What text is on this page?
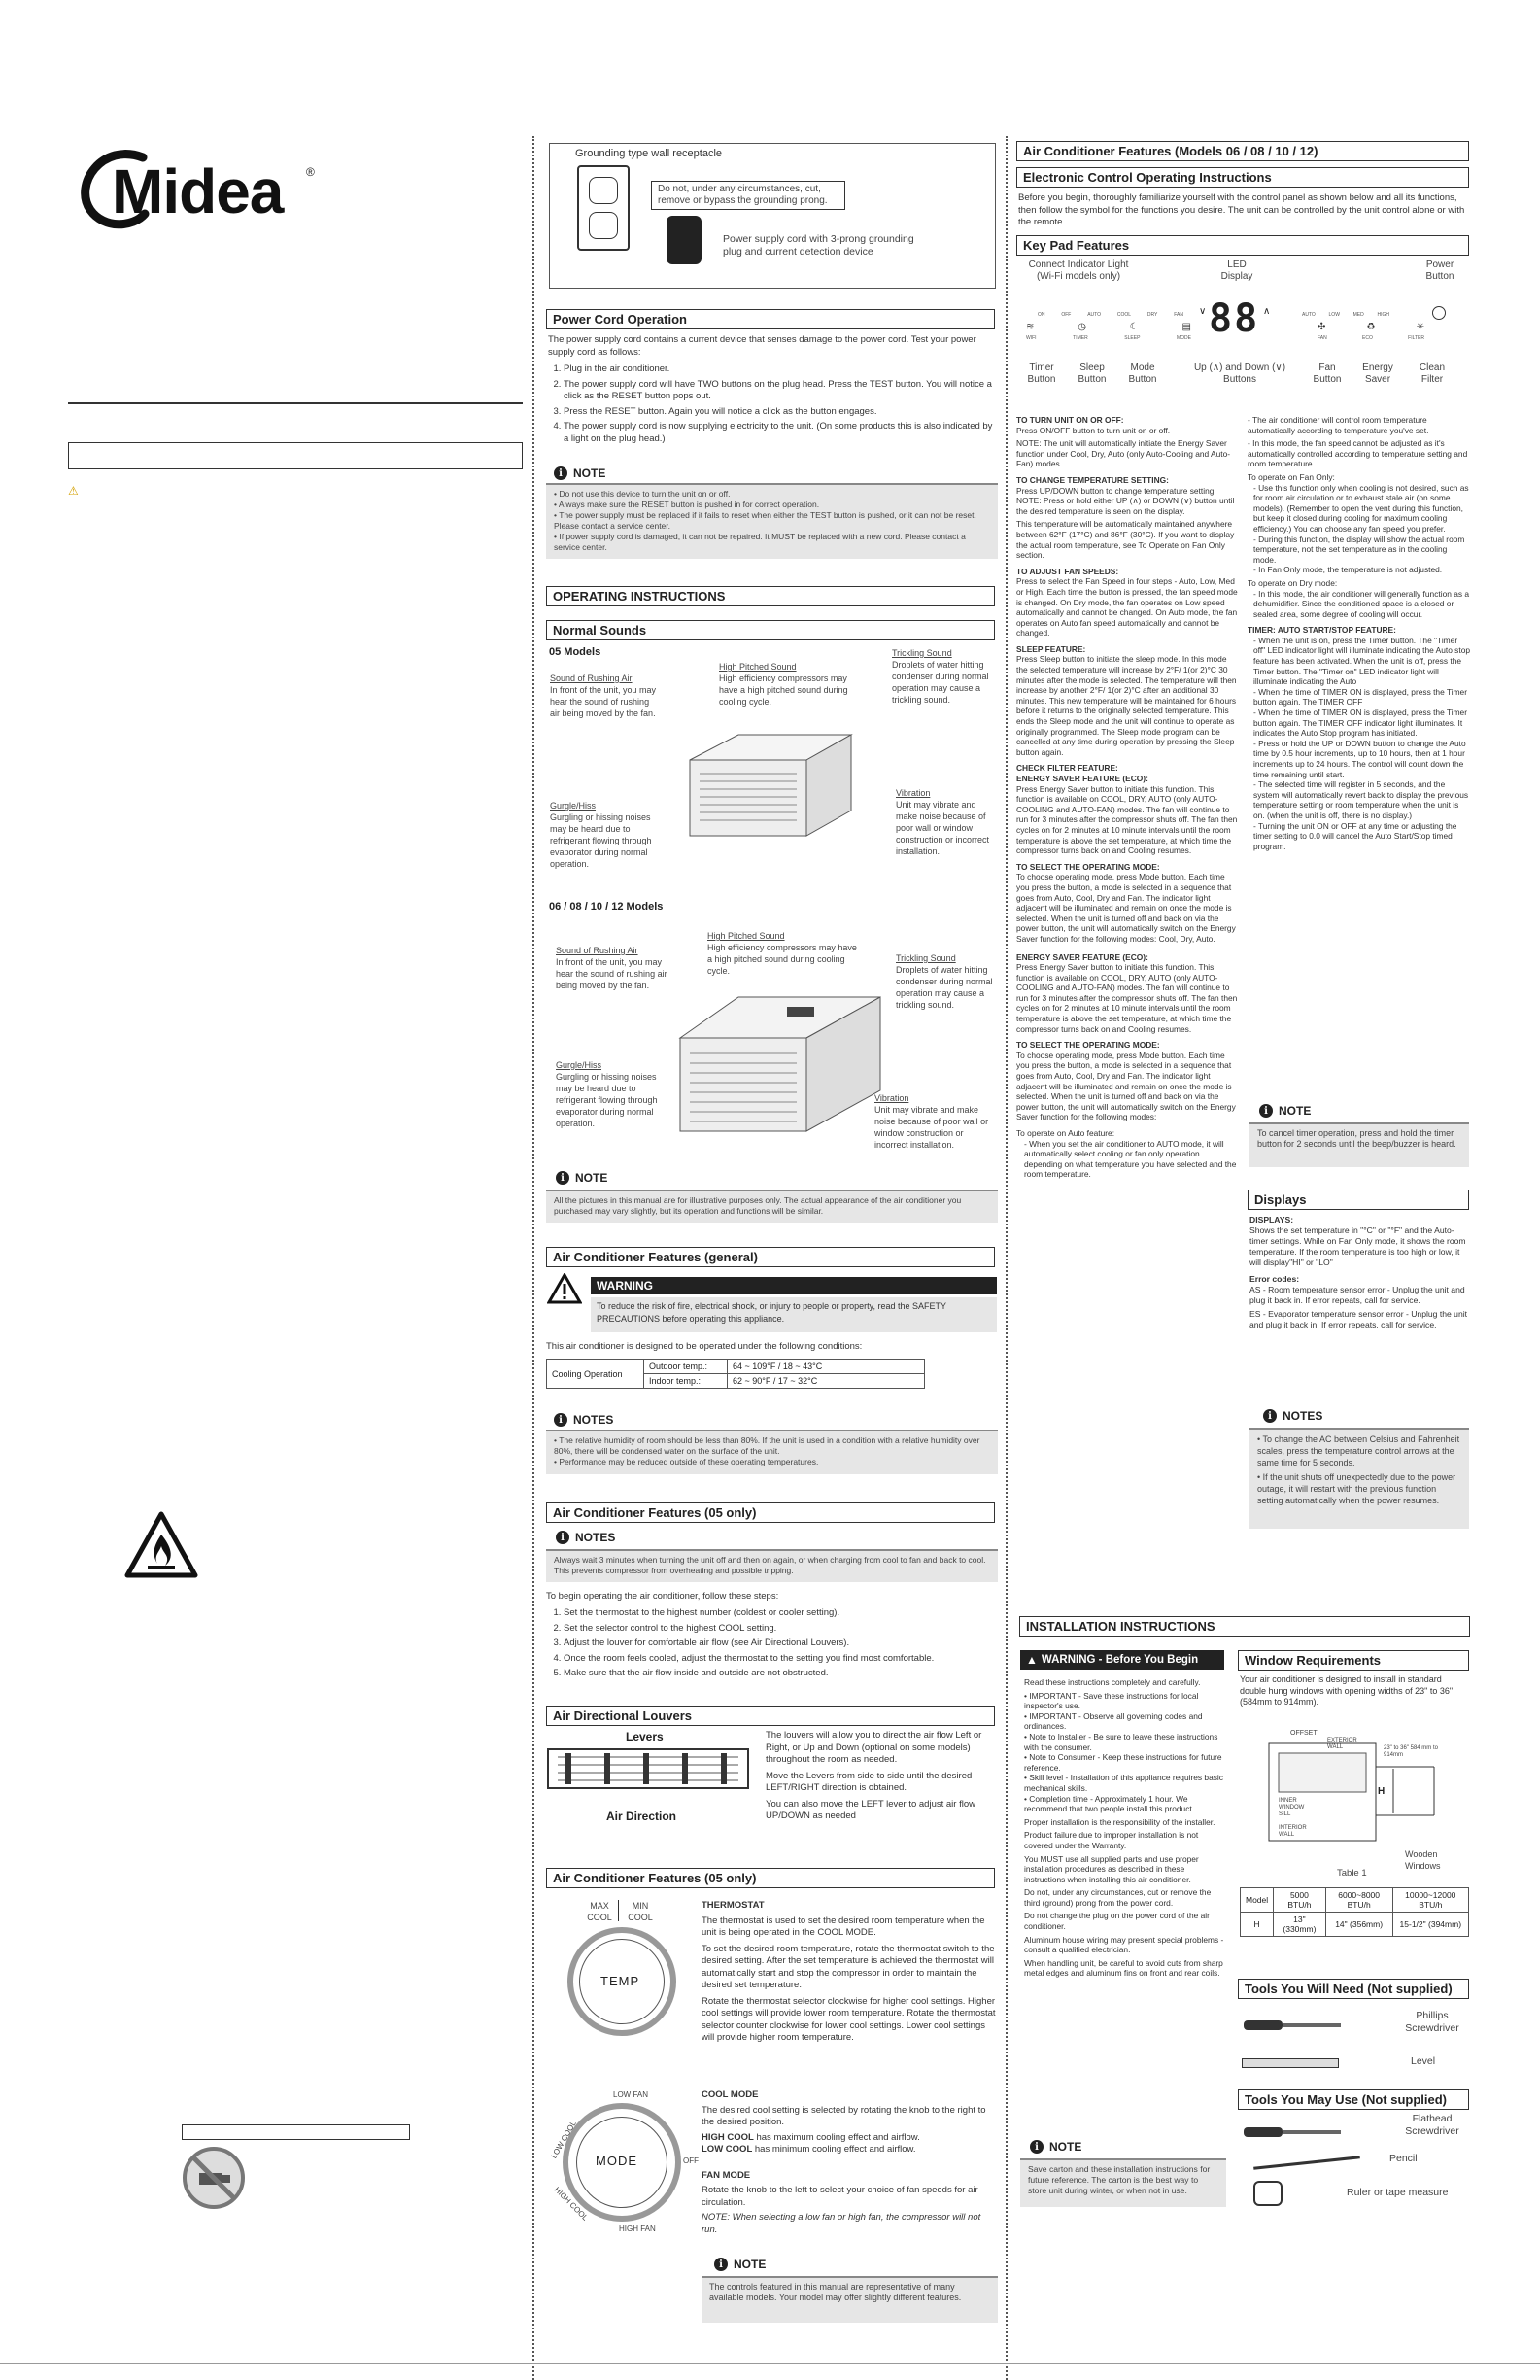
Midea ®
⚠
Grounding type wall receptacle
Do not, under any circumstances, cut, remove or bypass the grounding prong.
Power supply cord with 3-prong grounding plug and current detection device
Power Cord Operation
The power supply cord contains a current device that senses damage to the power cord. Test your power supply cord as follows:
1. Plug in the air conditioner.
2. The power supply cord will have TWO buttons on the plug head. Press the TEST button. You will notice a click as the RESET button pops out.
3. Press the RESET button. Again you will notice a click as the button engages.
4. The power supply cord is now supplying electricity to the unit. (On some products this is also indicated by a light on the plug head.)
i NOTE
• Do not use this device to turn the unit on or off.
• Always make sure the RESET button is pushed in for correct operation.
• The power supply must be replaced if it fails to reset when either the TEST button is pushed, or it can not be reset. Please contact a service center.
• If power supply cord is damaged, it can not be repaired. It MUST be replaced with a new cord. Please contact a service center.
OPERATING INSTRUCTIONS
Normal Sounds
05 Models
Sound of Rushing Air
In front of the unit, you may hear the sound of rushing air being moved by the fan.
High Pitched Sound
High efficiency compressors may have a high pitched sound during cooling cycle.
Trickling Sound
Droplets of water hitting condenser during normal operation may cause a trickling sound.
Gurgle/Hiss
Gurgling or hissing noises may be heard due to refrigerant flowing through evaporator during normal operation.
Vibration
Unit may vibrate and make noise because of poor wall or window construction or incorrect installation.
06 / 08 / 10 / 12 Models
Sound of Rushing Air
In front of the unit, you may hear the sound of rushing air being moved by the fan.
High Pitched Sound
High efficiency compressors may have a high pitched sound during cooling cycle.
Trickling Sound
Droplets of water hitting condenser during normal operation may cause a trickling sound.
Gurgle/Hiss
Gurgling or hissing noises may be heard due to refrigerant flowing through evaporator during normal operation.
Vibration
Unit may vibrate and make noise because of poor wall or window construction or incorrect installation.
i NOTE
All the pictures in this manual are for illustrative purposes only. The actual appearance of the air conditioner you purchased may vary slightly, but its operation and functions will be similar.
Air Conditioner Features (general)
WARNING
To reduce the risk of fire, electrical shock, or injury to people or property, read the SAFETY PRECAUTIONS before operating this appliance.
This air conditioner is designed to be operated under the following conditions:
Cooling Operation	Outdoor temp.:	64 ~ 109°F / 18 ~ 43°C
	Indoor temp.:	62 ~ 90°F / 17 ~ 32°C
i NOTES
• The relative humidity of room should be less than 80%. If the unit is used in a condition with a relative humidity over 80%, there will be condensed water on the surface of the unit.
• Performance may be reduced outside of these operating temperatures.
Air Conditioner Features (05 only)
i NOTES
Always wait 3 minutes when turning the unit off and then on again, or when charging from cool to fan and back to cool. This prevents compressor from overheating and possible tripping.
To begin operating the air conditioner, follow these steps:
1. Set the thermostat to the highest number (coldest or cooler setting).
2. Set the selector control to the highest COOL setting.
3. Adjust the louver for comfortable air flow (see Air Directional Louvers).
4. Once the room feels cooled, adjust the thermostat to the setting you find most comfortable.
5. Make sure that the air flow inside and outside are not obstructed.
Air Directional Louvers
Levers
Air Direction

The louvers will allow you to direct the air flow Left or Right, or Up and Down (optional on some models) throughout the room as needed.

Move the Levers from side to side until the desired LEFT/RIGHT direction is obtained.

You can also move the LEFT lever to adjust air flow UP/DOWN as needed

Air Conditioner Features (05 only)
MAX COOL
MIN COOL
TEMP

THERMOSTAT

The thermostat is used to set the desired room temperature when the unit is being operated in the COOL MODE.

To set the desired room temperature, rotate the thermostat switch to the desired setting. After the set temperature is achieved the thermostat will automatically start and stop the compressor in order to maintain the desired set temperature.

Rotate the thermostat selector clockwise for higher cool settings. Higher cool settings will provide lower room temperature. Rotate the thermostat selector counter clockwise for lower cool settings. Lower cool settings will provide higher room temperature.

MODE
LOW FAN
LOW COOL
OFF
HIGH COOL
HIGH FAN

COOL MODE

The desired cool setting is selected by rotating the knob to the right to the desired position.

HIGH COOL has maximum cooling effect and airflow.

LOW COOL has minimum cooling effect and airflow.

FAN MODE

Rotate the knob to the left to select your choice of fan speeds for air circulation.

NOTE: When selecting a low fan or high fan, the compressor will not run.

i NOTE
The controls featured in this manual are representative of many available models. Your model may offer slightly different features.
Air Conditioner Features (Models 06 / 08 / 10 / 12)
Electronic Control Operating Instructions
Before you begin, thoroughly familiarize yourself with the control panel as shown below and all its functions, then follow the symbol for the functions you desire. The unit can be controlled by the unit control alone or with the remote.
Key Pad Features
Connect Indicator Light (Wi-Fi models only)
LED Display
Power Button
ON	OFF	AUTO	COOL	DRY	FAN	AUTO	LOW	MED	HIGH
88
≋	◷	☾	▤
WIFI	TIMER	SLEEP	MODE
∧
∨
✣	♻	✳
FAN	ECO	FILTER
Timer Button
Sleep Button
Mode Button
Up (∧) and Down (∨) Buttons
Fan Button
Energy Saver
Clean Filter

TO TURN UNIT ON OR OFF:

Press ON/OFF button to turn unit on or off.

NOTE: The unit will automatically initiate the Energy Saver function under Cool, Dry, Auto (only Auto-Cooling and Auto-Fan) modes.

TO CHANGE TEMPERATURE SETTING:

Press UP/DOWN button to change temperature setting. NOTE: Press or hold either UP (∧) or DOWN (∨) button until the desired temperature is seen on the display.

This temperature will be automatically maintained anywhere between 62°F (17°C) and 86°F (30°C). If you want to display the actual room temperature, see To Operate on Fan Only section.

TO ADJUST FAN SPEEDS:

Press to select the Fan Speed in four steps - Auto, Low, Med or High. Each time the button is pressed, the fan speed mode is changed. On Dry mode, the fan operates on Low speed automatically and cannot be changed. On Auto mode, the fan operates on Auto fan speed automatically and cannot be changed.

SLEEP FEATURE:

Press Sleep button to initiate the sleep mode. In this mode the selected temperature will increase by 2°F/ 1(or 2)°C 30 minutes after the mode is selected. The temperature will then increase by another 2°F/ 1(or 2)°C after an additional 30 minutes. This new temperature will be maintained for 6 hours before it returns to the originally selected temperature. This ends the Sleep mode and the unit will continue to operate as originally programmed. The Sleep mode program can be cancelled at any time during operation by pressing the Sleep button again.

CHECK FILTER FEATURE:

ENERGY SAVER FEATURE (ECO):

Press Energy Saver button to initiate this function. This function is available on COOL, DRY, AUTO (only AUTO-COOLING and AUTO-FAN) modes. The fan will continue to run for 3 minutes after the compressor shuts off. The fan then cycles on for 2 minutes at 10 minute intervals until the room temperature is above the set temperature, at which time the compressor turns back on and Cooling resumes.

TO SELECT THE OPERATING MODE:

To choose operating mode, press Mode button. Each time you press the button, a mode is selected in a sequence that goes from Auto, Cool, Dry and Fan. The indicator light adjacent will be illuminated and remain on once the mode is selected. When the unit is turned off and back on via the power button, the unit will automatically switch on the Energy Saver function for the following modes: Cool, Dry, Auto.

ENERGY SAVER FEATURE (ECO):

Press Energy Saver button to initiate this function. This function is available on COOL, DRY, AUTO (only AUTO-COOLING and AUTO-FAN) modes. The fan will continue to run for 3 minutes after the compressor shuts off. The fan then cycles on for 2 minutes at 10 minute intervals until the room temperature is above the set temperature, at which time the compressor turns back on and Cooling resumes.

TO SELECT THE OPERATING MODE:

To choose operating mode, press Mode button. Each time you press the button, a mode is selected in a sequence that goes from Auto, Cool, Dry and Fan. The indicator light adjacent will be illuminated and remain on once the mode is selected. When the unit is turned off and back on via the power button, the unit will automatically switch on the Energy Saver function for the following modes:

To operate on Auto feature:

- When you set the air conditioner to AUTO mode, it will automatically select cooling or fan only operation depending on what temperature you have selected and the room temperature.

- The air conditioner will control room temperature automatically according to temperature you've set.

- In this mode, the fan speed cannot be adjusted as it's automatically controlled according to temperature setting and room temperature

To operate on Fan Only:

- Use this function only when cooling is not desired, such as for room air circulation or to exhaust stale air (on some models). (Remember to open the vent during this function, but keep it closed during cooling for maximum cooling efficiency.) You can choose any fan speed you prefer.

- During this function, the display will show the actual room temperature, not the set temperature as in the cooling mode.

- In Fan Only mode, the temperature is not adjusted.

To operate on Dry mode:

- In this mode, the air conditioner will generally function as a dehumidifier. Since the conditioned space is a closed or sealed area, some degree of cooling will occur.

TIMER: AUTO START/STOP FEATURE:

- When the unit is on, press the Timer button. The "Timer off" LED indicator light will illuminate indicating the Auto stop feature has been activated. When the unit is off, press the Timer button. The "Timer on" LED indicator light will illuminate indicating the Auto

- When the time of TIMER ON is displayed, press the Timer button again. The TIMER OFF

- When the time of TIMER ON is displayed, press the Timer button again. The TIMER OFF indicator light illuminates. It indicates the Auto Stop program has initiated.

- Press or hold the UP or DOWN button to change the Auto time by 0.5 hour increments, up to 10 hours, then at 1 hour increments up to 24 hours. The control will count down the time remaining until start.

- The selected time will register in 5 seconds, and the system will automatically revert back to display the previous temperature setting or room temperature when the unit is on. (when the unit is off, there is no display.)

- Turning the unit ON or OFF at any time or adjusting the timer setting to 0.0 will cancel the Auto Start/Stop timed program.

i NOTE
To cancel timer operation, press and hold the timer button for 2 seconds until the beep/buzzer is heard.
Displays

DISPLAYS:

Shows the set temperature in "°C" or "°F" and the Auto-timer settings. While on Fan Only mode, it shows the room temperature. If the room temperature is too high or low, it will display"HI" or "LO"

Error codes:

AS - Room temperature sensor error - Unplug the unit and plug it back in. If error repeats, call for service.

ES - Evaporator temperature sensor error - Unplug the unit and plug it back in. If error repeats, call for service.

i NOTES
• To change the AC between Celsius and Fahrenheit scales, press the temperature control arrows at the same time for 5 seconds.
• If the unit shuts off unexpectedly due to the power outage, it will restart with the previous function setting automatically when the power resumes.
INSTALLATION INSTRUCTIONS
▲ WARNING - Before You Begin

Read these instructions completely and carefully.

• IMPORTANT - Save these instructions for local inspector's use.
• IMPORTANT - Observe all governing codes and ordinances.
• Note to Installer - Be sure to leave these instructions with the consumer.
• Note to Consumer - Keep these instructions for future reference.
• Skill level - Installation of this appliance requires basic mechanical skills.
• Completion time - Approximately 1 hour. We recommend that two people install this product.

Proper installation is the responsibility of the installer.

Product failure due to improper installation is not covered under the Warranty.

You MUST use all supplied parts and use proper installation procedures as described in these instructions when installing this air conditioner.

Do not, under any circumstances, cut or remove the third (ground) prong from the power cord.

Do not change the plug on the power cord of the air conditioner.

Aluminum house wiring may present special problems - consult a qualified electrician.

When handling unit, be careful to avoid cuts from sharp metal edges and aluminum fins on front and rear coils.

i NOTE
Save carton and these installation instructions for future reference. The carton is the best way to store unit during winter, or when not in use.
Window Requirements
Your air conditioner is designed to install in standard double hung windows with opening widths of 23" to 36" (584mm to 914mm).
OFFSET
EXTERIOR WALL	23" to 36" 584 mm to 914mm
H
INNER WINDOW SILL
INTERIOR WALL
Wooden Windows
Table 1
Model	5000 BTU/h	6000~8000 BTU/h	10000~12000 BTU/h
H	13" (330mm)	14" (356mm)	15-1/2" (394mm)
Tools You Will Need (Not supplied)
Phillips Screwdriver
Level
Tools You May Use (Not supplied)
Flathead Screwdriver
Pencil
Ruler or tape measure
